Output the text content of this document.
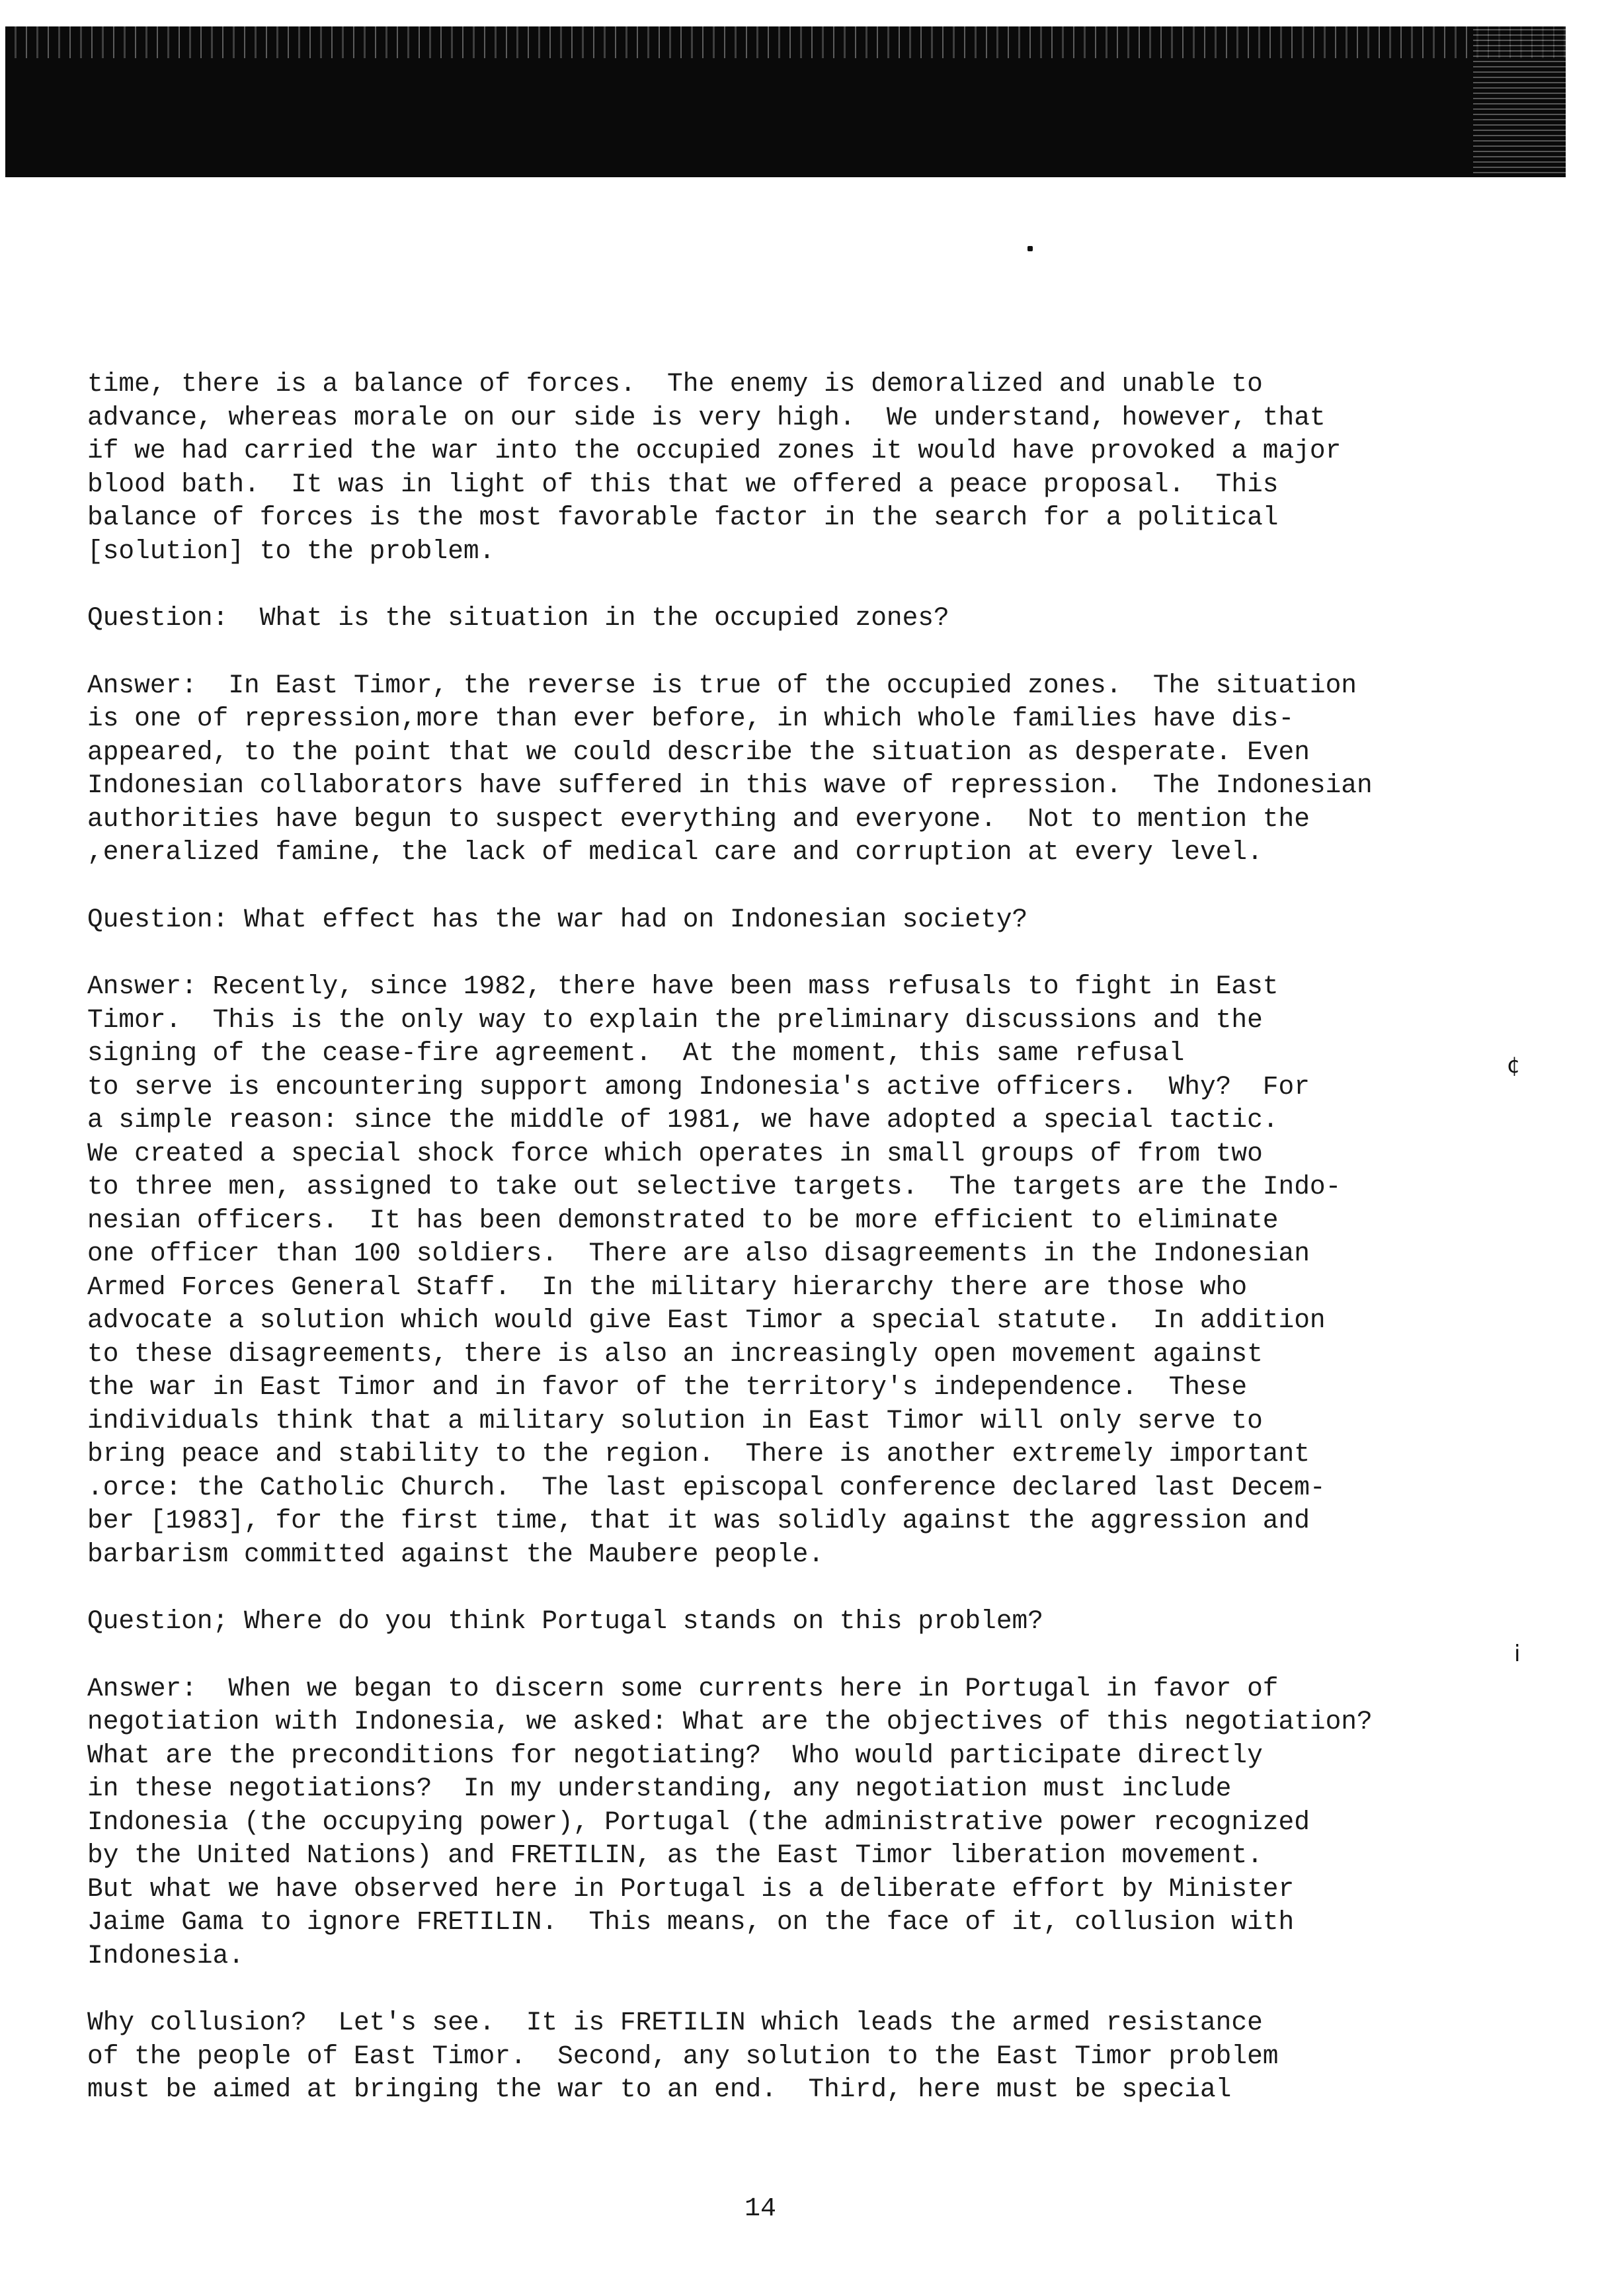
¢
ⅰ
time, there is a balance of forces.  The enemy is demoralized and unable to
advance, whereas morale on our side is very high.  We understand, however, that
if we had carried the war into the occupied zones it would have provoked a major
blood bath.  It was in light of this that we offered a peace proposal.  This
balance of forces is the most favorable factor in the search for a political
[solution] to the problem.
Question:  What is the situation in the occupied zones?
Answer:  In East Timor, the reverse is true of the occupied zones.  The situation
is one of repression,more than ever before, in which whole families have dis-
appeared, to the point that we could describe the situation as desperate. Even
Indonesian collaborators have suffered in this wave of repression.  The Indonesian
authorities have begun to suspect everything and everyone.  Not to mention the
,eneralized famine, the lack of medical care and corruption at every level.
Question: What effect has the war had on Indonesian society?
Answer: Recently, since 1982, there have been mass refusals to fight in East
Timor.  This is the only way to explain the preliminary discussions and the
signing of the cease-fire agreement.  At the moment, this same refusal
to serve is encountering support among Indonesia's active officers.  Why?  For
a simple reason: since the middle of 1981, we have adopted a special tactic.
We created a special shock force which operates in small groups of from two
to three men, assigned to take out selective targets.  The targets are the Indo-
nesian officers.  It has been demonstrated to be more efficient to eliminate
one officer than 100 soldiers.  There are also disagreements in the Indonesian
Armed Forces General Staff.  In the military hierarchy there are those who
advocate a solution which would give East Timor a special statute.  In addition
to these disagreements, there is also an increasingly open movement against
the war in East Timor and in favor of the territory's independence.  These
individuals think that a military solution in East Timor will only serve to
bring peace and stability to the region.  There is another extremely important
.orce: the Catholic Church.  The last episcopal conference declared last Decem-
ber [1983], for the first time, that it was solidly against the aggression and
barbarism committed against the Maubere people.
Question; Where do you think Portugal stands on this problem?
Answer:  When we began to discern some currents here in Portugal in favor of
negotiation with Indonesia, we asked: What are the objectives of this negotiation?
What are the preconditions for negotiating?  Who would participate directly
in these negotiations?  In my understanding, any negotiation must include
Indonesia (the occupying power), Portugal (the administrative power recognized
by the United Nations) and FRETILIN, as the East Timor liberation movement.
But what we have observed here in Portugal is a deliberate effort by Minister
Jaime Gama to ignore FRETILIN.  This means, on the face of it, collusion with
Indonesia.
Why collusion?  Let's see.  It is FRETILIN which leads the armed resistance
of the people of East Timor.  Second, any solution to the East Timor problem
must be aimed at bringing the war to an end.  Third, here must be special
14
